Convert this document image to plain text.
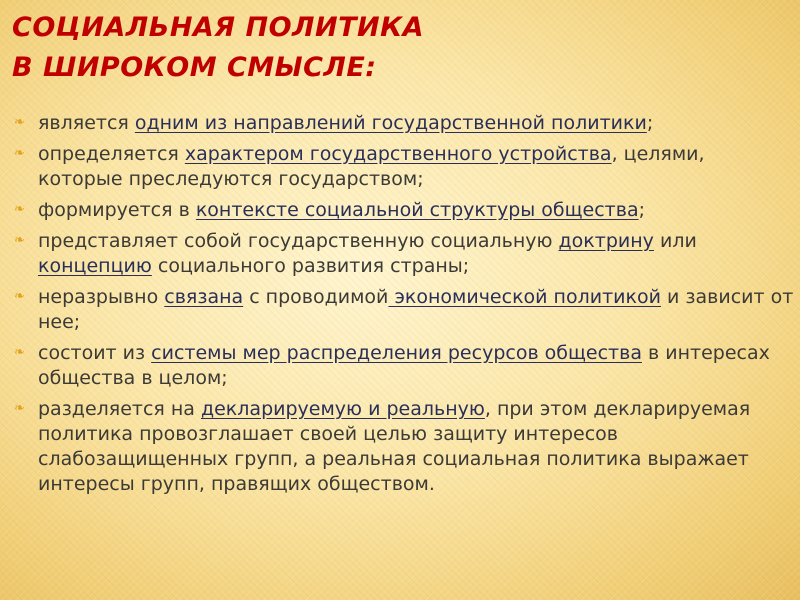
СОЦИАЛЬНАЯ ПОЛИТИКА
В ШИРОКОМ СМЫСЛЕ:
❧ является одним из направлений государственной политики;
❧ определяется характером государственного устройства, целями, которые преследуются государством;
❧ формируется в контексте социальной структуры общества;
❧ представляет собой государственную социальную доктрину или концепцию социального развития страны;
❧ неразрывно связана с проводимой экономической политикой и зависит от нее;
❧ состоит из системы мер распределения ресурсов общества в интересах общества в целом;
❧ разделяется на декларируемую и реальную, при этом декларируемая политика провозглашает своей целью защиту интересов слабозащищенных групп, а реальная социальная политика выражает интересы групп, правящих обществом.
